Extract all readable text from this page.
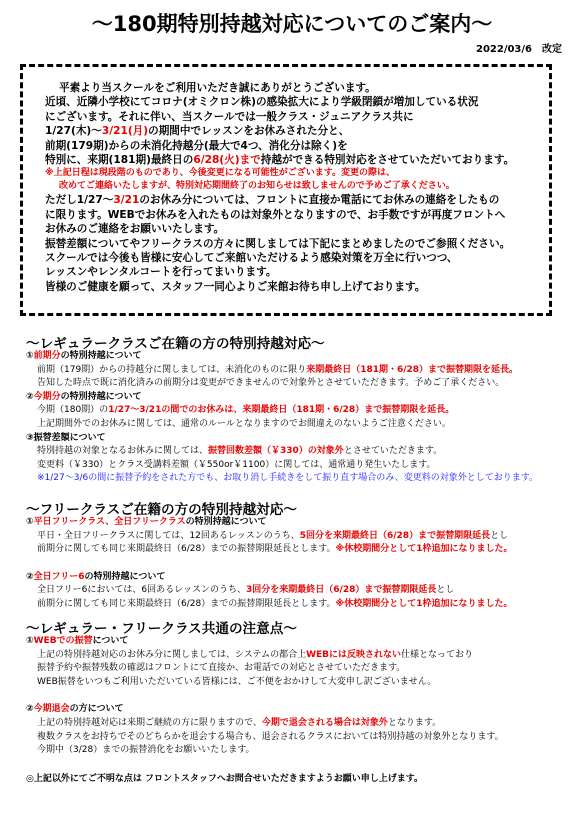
～180期特別持越対応についてのご案内～
2022/03/6　改定

平素より当スクールをご利用いただき誠にありがとうございます。

近頃、近隣小学校にてコロナ(オミクロン株)の感染拡大により学級閉鎖が増加している状況

にございます。それに伴い、当スクールでは一般クラス・ジュニアクラス共に

1/27(木)～3/21(月)の期間中でレッスンをお休みされた分と、

前期(179期)からの未消化持越分(最大で4つ、消化分は除く)を

特別に、来期(181期)最終日の6/28(火)まで持越ができる特別対応をさせていただいております。

※上記日程は現段階のものであり、今後変更になる可能性がございます。変更の際は、

改めてご連絡いたしますが、特別対応期間終了のお知らせは致しませんので予めご了承ください。

ただし1/27～3/21のお休み分については、フロントに直接か電話にてお休みの連絡をしたもの

に限ります。WEBでお休みを入れたものは対象外となりますので、お手数ですが再度フロントへ

お休みのご連絡をお願いいたします。

振替差額についてやフリークラスの方々に関しましては下記にまとめましたのでご参照ください。

スクールでは今後も皆様に安心してご来館いただけるよう感染対策を万全に行いつつ、

レッスンやレンタルコートを行ってまいります。

皆様のご健康を願って、スタッフ一同心よりご来館お待ち申し上げております。

～レギュラークラスご在籍の方の特別持越対応～

①前期分の特別持越について

前期（179期）からの持越分に関しましては、未消化のものに限り来期最終日（181期・6/28）まで振替期限を延長。

告知した時点で既に消化済みの前期分は変更ができませんので対象外とさせていただきます。予めご了承ください。

②今期分の特別持越について

今期（180期）の1/27～3/21の間でのお休みは、来期最終日（181期・6/28）まで振替期限を延長。

上記期間外でのお休みに関しては、通常のルールとなりますのでお間違えのないようご注意ください。

③振替差額について

特別持越の対象となるお休みに関しては、振替回数差額（￥330）の対象外とさせていただきます。

変更料（￥330）とクラス受講料差額（￥550or￥1100）に関しては、通常通り発生いたします。

※1/27～3/6の間に振替予約をされた方でも、お取り消し手続きをして振り直す場合のみ、変更料の対象外としております。

～フリークラスご在籍の方の特別持越対応～

①平日フリークラス、全日フリークラスの特別持越について

平日・全日フリークラスに関しては、12回あるレッスンのうち、5回分を来期最終日（6/28）まで振替期限延長とし

前期分に関しても同じ来期最終日（6/28）までの振替期限延長とします。※休校期間分として1枠追加になりました。

②全日フリー6の特別持越について

全日フリー6においては、6回あるレッスンのうち、3回分を来期最終日（6/28）まで振替期限延長とし

前期分に関しても同じ来期最終日（6/28）までの振替期限延長とします。※休校期間分として1枠追加になりました。

～レギュラー・フリークラス共通の注意点～

①WEBでの振替について

上記の特別持越対応のお休み分に関しましては、システムの都合上WEBには反映されない仕様となっており

振替予約や振替残数の確認はフロントにて直接か、お電話での対応とさせていただきます。

WEB振替をいつもご利用いただいている皆様には、ご不便をおかけして大変申し訳ございません。

②今期退会の方について

上記の特別持越対応は来期ご継続の方に限りますので、今期で退会される場合は対象外となります。

複数クラスをお持ちでそのどちらかを退会する場合も、退会されるクラスにおいては特別持越の対象外となります。

今期中（3/28）までの振替消化をお願いいたします。

◎上記以外にてご不明な点は フロントスタッフへお問合せいただきますようお願い申し上げます。
